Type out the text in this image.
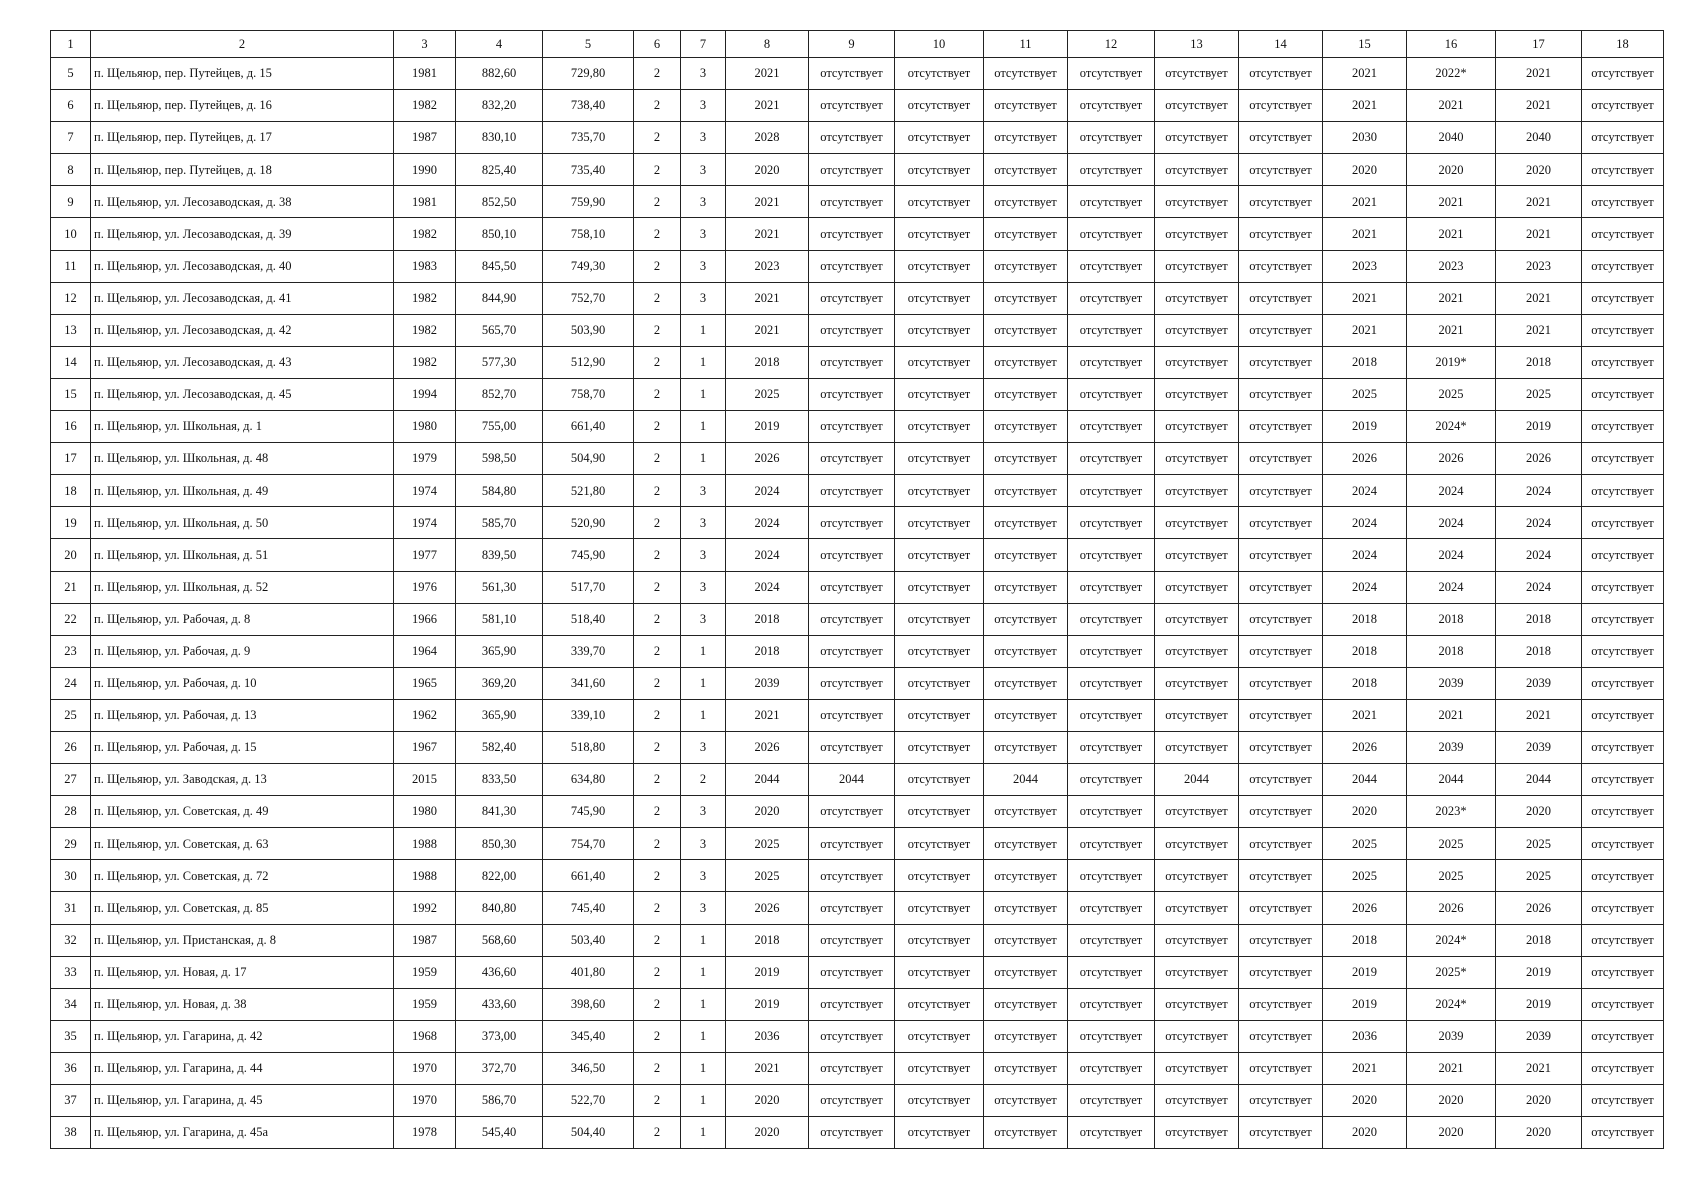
1	2	3	4	5	6	7	8	9	10	11	12	13	14	15	16	17	18
5	п. Щельяюр, пер. Путейцев, д. 15	1981	882,60	729,80	2	3	2021	отсутствует	отсутствует	отсутствует	отсутствует	отсутствует	отсутствует	2021	2022*	2021	отсутствует
6	п. Щельяюр, пер. Путейцев, д. 16	1982	832,20	738,40	2	3	2021	отсутствует	отсутствует	отсутствует	отсутствует	отсутствует	отсутствует	2021	2021	2021	отсутствует
7	п. Щельяюр, пер. Путейцев, д. 17	1987	830,10	735,70	2	3	2028	отсутствует	отсутствует	отсутствует	отсутствует	отсутствует	отсутствует	2030	2040	2040	отсутствует
8	п. Щельяюр, пер. Путейцев, д. 18	1990	825,40	735,40	2	3	2020	отсутствует	отсутствует	отсутствует	отсутствует	отсутствует	отсутствует	2020	2020	2020	отсутствует
9	п. Щельяюр, ул. Лесозаводская, д. 38	1981	852,50	759,90	2	3	2021	отсутствует	отсутствует	отсутствует	отсутствует	отсутствует	отсутствует	2021	2021	2021	отсутствует
10	п. Щельяюр, ул. Лесозаводская, д. 39	1982	850,10	758,10	2	3	2021	отсутствует	отсутствует	отсутствует	отсутствует	отсутствует	отсутствует	2021	2021	2021	отсутствует
11	п. Щельяюр, ул. Лесозаводская, д. 40	1983	845,50	749,30	2	3	2023	отсутствует	отсутствует	отсутствует	отсутствует	отсутствует	отсутствует	2023	2023	2023	отсутствует
12	п. Щельяюр, ул. Лесозаводская, д. 41	1982	844,90	752,70	2	3	2021	отсутствует	отсутствует	отсутствует	отсутствует	отсутствует	отсутствует	2021	2021	2021	отсутствует
13	п. Щельяюр, ул. Лесозаводская, д. 42	1982	565,70	503,90	2	1	2021	отсутствует	отсутствует	отсутствует	отсутствует	отсутствует	отсутствует	2021	2021	2021	отсутствует
14	п. Щельяюр, ул. Лесозаводская, д. 43	1982	577,30	512,90	2	1	2018	отсутствует	отсутствует	отсутствует	отсутствует	отсутствует	отсутствует	2018	2019*	2018	отсутствует
15	п. Щельяюр, ул. Лесозаводская, д. 45	1994	852,70	758,70	2	1	2025	отсутствует	отсутствует	отсутствует	отсутствует	отсутствует	отсутствует	2025	2025	2025	отсутствует
16	п. Щельяюр, ул. Школьная, д. 1	1980	755,00	661,40	2	1	2019	отсутствует	отсутствует	отсутствует	отсутствует	отсутствует	отсутствует	2019	2024*	2019	отсутствует
17	п. Щельяюр, ул. Школьная, д. 48	1979	598,50	504,90	2	1	2026	отсутствует	отсутствует	отсутствует	отсутствует	отсутствует	отсутствует	2026	2026	2026	отсутствует
18	п. Щельяюр, ул. Школьная, д. 49	1974	584,80	521,80	2	3	2024	отсутствует	отсутствует	отсутствует	отсутствует	отсутствует	отсутствует	2024	2024	2024	отсутствует
19	п. Щельяюр, ул. Школьная, д. 50	1974	585,70	520,90	2	3	2024	отсутствует	отсутствует	отсутствует	отсутствует	отсутствует	отсутствует	2024	2024	2024	отсутствует
20	п. Щельяюр, ул. Школьная, д. 51	1977	839,50	745,90	2	3	2024	отсутствует	отсутствует	отсутствует	отсутствует	отсутствует	отсутствует	2024	2024	2024	отсутствует
21	п. Щельяюр, ул. Школьная, д. 52	1976	561,30	517,70	2	3	2024	отсутствует	отсутствует	отсутствует	отсутствует	отсутствует	отсутствует	2024	2024	2024	отсутствует
22	п. Щельяюр, ул. Рабочая, д. 8	1966	581,10	518,40	2	3	2018	отсутствует	отсутствует	отсутствует	отсутствует	отсутствует	отсутствует	2018	2018	2018	отсутствует
23	п. Щельяюр, ул. Рабочая, д. 9	1964	365,90	339,70	2	1	2018	отсутствует	отсутствует	отсутствует	отсутствует	отсутствует	отсутствует	2018	2018	2018	отсутствует
24	п. Щельяюр, ул. Рабочая, д. 10	1965	369,20	341,60	2	1	2039	отсутствует	отсутствует	отсутствует	отсутствует	отсутствует	отсутствует	2018	2039	2039	отсутствует
25	п. Щельяюр, ул. Рабочая, д. 13	1962	365,90	339,10	2	1	2021	отсутствует	отсутствует	отсутствует	отсутствует	отсутствует	отсутствует	2021	2021	2021	отсутствует
26	п. Щельяюр, ул. Рабочая, д. 15	1967	582,40	518,80	2	3	2026	отсутствует	отсутствует	отсутствует	отсутствует	отсутствует	отсутствует	2026	2039	2039	отсутствует
27	п. Щельяюр, ул. Заводская, д. 13	2015	833,50	634,80	2	2	2044	2044	отсутствует	2044	отсутствует	2044	отсутствует	2044	2044	2044	отсутствует
28	п. Щельяюр, ул. Советская, д. 49	1980	841,30	745,90	2	3	2020	отсутствует	отсутствует	отсутствует	отсутствует	отсутствует	отсутствует	2020	2023*	2020	отсутствует
29	п. Щельяюр, ул. Советская, д. 63	1988	850,30	754,70	2	3	2025	отсутствует	отсутствует	отсутствует	отсутствует	отсутствует	отсутствует	2025	2025	2025	отсутствует
30	п. Щельяюр, ул. Советская, д. 72	1988	822,00	661,40	2	3	2025	отсутствует	отсутствует	отсутствует	отсутствует	отсутствует	отсутствует	2025	2025	2025	отсутствует
31	п. Щельяюр, ул. Советская, д. 85	1992	840,80	745,40	2	3	2026	отсутствует	отсутствует	отсутствует	отсутствует	отсутствует	отсутствует	2026	2026	2026	отсутствует
32	п. Щельяюр, ул. Пристанская, д. 8	1987	568,60	503,40	2	1	2018	отсутствует	отсутствует	отсутствует	отсутствует	отсутствует	отсутствует	2018	2024*	2018	отсутствует
33	п. Щельяюр, ул. Новая, д. 17	1959	436,60	401,80	2	1	2019	отсутствует	отсутствует	отсутствует	отсутствует	отсутствует	отсутствует	2019	2025*	2019	отсутствует
34	п. Щельяюр, ул. Новая, д. 38	1959	433,60	398,60	2	1	2019	отсутствует	отсутствует	отсутствует	отсутствует	отсутствует	отсутствует	2019	2024*	2019	отсутствует
35	п. Щельяюр, ул. Гагарина, д. 42	1968	373,00	345,40	2	1	2036	отсутствует	отсутствует	отсутствует	отсутствует	отсутствует	отсутствует	2036	2039	2039	отсутствует
36	п. Щельяюр, ул. Гагарина, д. 44	1970	372,70	346,50	2	1	2021	отсутствует	отсутствует	отсутствует	отсутствует	отсутствует	отсутствует	2021	2021	2021	отсутствует
37	п. Щельяюр, ул. Гагарина, д. 45	1970	586,70	522,70	2	1	2020	отсутствует	отсутствует	отсутствует	отсутствует	отсутствует	отсутствует	2020	2020	2020	отсутствует
38	п. Щельяюр, ул. Гагарина, д. 45а	1978	545,40	504,40	2	1	2020	отсутствует	отсутствует	отсутствует	отсутствует	отсутствует	отсутствует	2020	2020	2020	отсутствует
